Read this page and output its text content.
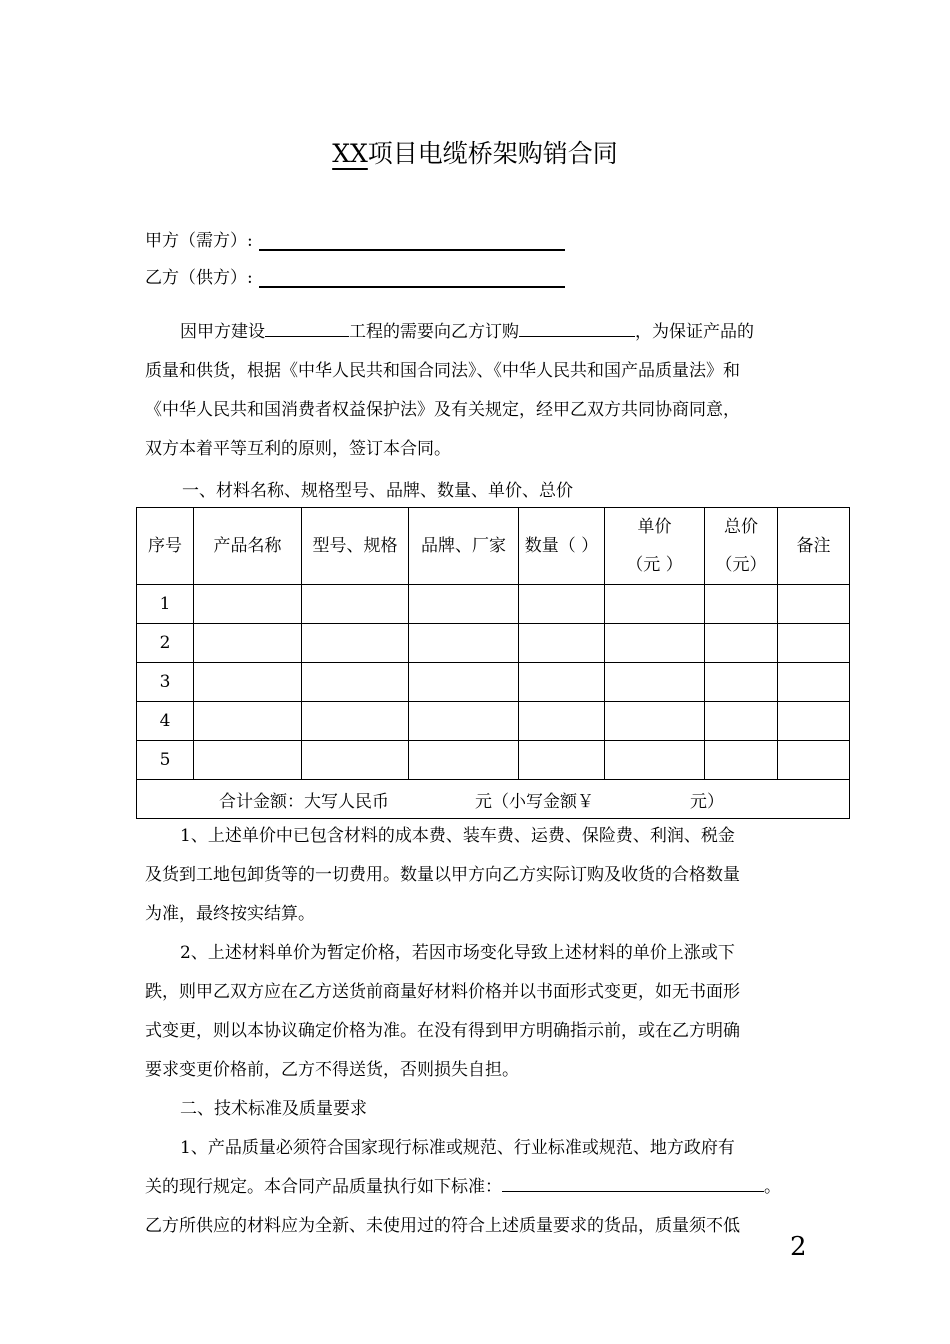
XX项目电缆桥架购销合同
甲方（需方）:
乙方（供方）:

因甲方建设	工程的需要向乙方订购	，为保证产品的

质量和供货，根据《中华人民共和国合同法》、《中华人民共和国产品质量法》和

《中华人民共和国消费者权益保护法》及有关规定，经甲乙双方共同协商同意，

双方本着平等互利的原则，签订本合同。

一、材料名称、规格型号、品牌、数量、单价、总价
序号	产品名称	型号、规格	品牌、厂家	数量（ ）	单价
（元 ）	总价
（元）	备注
1							
2							
3							
4							
5							
合计金额：大写人民币 元（小写金额￥ 元）							

1、上述单价中已包含材料的成本费、装车费、运费、保险费、利润、税金

及货到工地包卸货等的一切费用。数量以甲方向乙方实际订购及收货的合格数量

为准，最终按实结算。

2、上述材料单价为暂定价格，若因市场变化导致上述材料的单价上涨或下

跌，则甲乙双方应在乙方送货前商量好材料价格并以书面形式变更，如无书面形

式变更，则以本协议确定价格为准。在没有得到甲方明确指示前，或在乙方明确

要求变更价格前，乙方不得送货，否则损失自担。

二、技术标准及质量要求

1、产品质量必须符合国家现行标准或规范、行业标准或规范、地方政府有

关的现行规定。本合同产品质量执行如下标准：	。

乙方所供应的材料应为全新、未使用过的符合上述质量要求的货品，质量须不低

2
